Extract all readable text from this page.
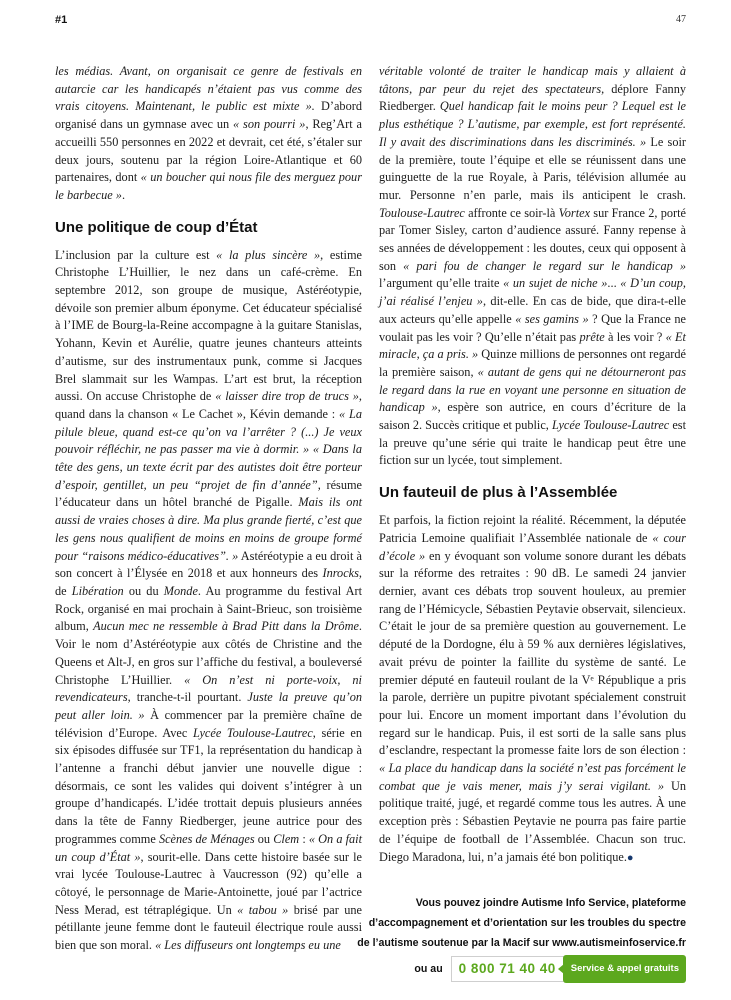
#1	47

les médias. Avant, on organisait ce genre de festivals en autarcie car les handicapés n’étaient pas vus comme des vrais citoyens. Maintenant, le public est mixte ». D’abord organisé dans un gymnase avec un « son pourri », Reg’Art a accueilli 550 personnes en 2022 et devrait, cet été, s’étaler sur deux jours, soutenu par la région Loire-Atlantique et 60 partenaires, dont « un boucher qui nous file des merguez pour le barbecue ».

Une politique de coup d’État

L’inclusion par la culture est « la plus sincère », estime Christophe L’Huillier, le nez dans un café-crème. En septembre 2012, son groupe de musique, Astéréotypie, dévoile son premier album éponyme. Cet éducateur spécialisé à l’IME de Bourg-la-Reine accompagne à la guitare Stanislas, Yohann, Kevin et Aurélie, quatre jeunes chanteurs atteints d’autisme, sur des instrumentaux punk, comme si Jacques Brel slammait sur les Wampas. L’art est brut, la réception aussi. On accuse Christophe de « laisser dire trop de trucs », quand dans la chanson « Le Cachet », Kévin demande : « La pilule bleue, quand est-ce qu’on va l’arrêter ? (...) Je veux pouvoir réfléchir, ne pas passer ma vie à dormir. » « Dans la tête des gens, un texte écrit par des autistes doit être porteur d’espoir, gentillet, un peu “projet de fin d’année”, résume l’éducateur dans un hôtel branché de Pigalle. Mais ils ont aussi de vraies choses à dire. Ma plus grande fierté, c’est que les gens nous qualifient de moins en moins de groupe formé pour “raisons médico-éducatives”. » Astéréotypie a eu droit à son concert à l’Élysée en 2018 et aux honneurs des Inrocks, de Libération ou du Monde. Au programme du festival Art Rock, organisé en mai prochain à Saint-Brieuc, son troisième album, Aucun mec ne ressemble à Brad Pitt dans la Drôme. Voir le nom d’Astéréotypie aux côtés de Christine and the Queens et Alt-J, en gros sur l’affiche du festival, a bouleversé Christophe L’Huillier. « On n’est ni porte-voix, ni revendicateurs, tranche-t-il pourtant. Juste la preuve qu’on peut aller loin. » À commencer par la première chaîne de télévision d’Europe. Avec Lycée Toulouse-Lautrec, série en six épisodes diffusée sur TF1, la représentation du handicap à l’antenne a franchi début janvier une nouvelle digue : désormais, ce sont les valides qui doivent s’intégrer à un groupe d’handicapés. L’idée trottait depuis plusieurs années dans la tête de Fanny Riedberger, jeune autrice pour des programmes comme Scènes de Ménages ou Clem : « On a fait un coup d’État », sourit-elle. Dans cette histoire basée sur le vrai lycée Toulouse-Lautrec à Vaucresson (92) qu’elle a côtoyé, le personnage de Marie-Antoinette, joué par l’actrice Ness Merad, est tétraplégique. Un « tabou » brisé par une pétillante jeune femme dont le fauteuil électrique roule aussi bien que son moral. « Les diffuseurs ont longtemps eu une

véritable volonté de traiter le handicap mais y allaient à tâtons, par peur du rejet des spectateurs, déplore Fanny Riedberger. Quel handicap fait le moins peur ? Lequel est le plus esthétique ? L’autisme, par exemple, est fort représenté. Il y avait des discriminations dans les discriminés. » Le soir de la première, toute l’équipe et elle se réunissent dans une guinguette de la rue Royale, à Paris, télévision allumée au mur. Personne n’en parle, mais ils anticipent le crash. Toulouse-Lautrec affronte ce soir-là Vortex sur France 2, porté par Tomer Sisley, carton d’audience assuré. Fanny repense à ses années de développement : les doutes, ceux qui opposent à son « pari fou de changer le regard sur le handicap » l’argument qu’elle traite « un sujet de niche »... « D’un coup, j’ai réalisé l’enjeu », dit-elle. En cas de bide, que dira-t-elle aux acteurs qu’elle appelle « ses gamins » ? Que la France ne voulait pas les voir ? Qu’elle n’était pas prête à les voir ? « Et miracle, ça a pris. » Quinze millions de personnes ont regardé la première saison, « autant de gens qui ne détourneront pas le regard dans la rue en voyant une personne en situation de handicap », espère son autrice, en cours d’écriture de la saison 2. Succès critique et public, Lycée Toulouse-Lautrec est la preuve qu’une série qui traite le handicap peut être une fiction sur un lycée, tout simplement.

Un fauteuil de plus à l’Assemblée

Et parfois, la fiction rejoint la réalité. Récemment, la députée Patricia Lemoine qualifiait l’Assemblée nationale de « cour d’école » en y évoquant son volume sonore durant les débats sur la réforme des retraites : 90 dB. Le samedi 24 janvier dernier, avant ces débats trop souvent houleux, au premier rang de l’Hémicycle, Sébastien Peytavie observait, silencieux. C’était le jour de sa première question au gouvernement. Le député de la Dordogne, élu à 59 % aux dernières législatives, avait prévu de pointer la faillite du système de santé. Le premier député en fauteuil roulant de la Vᵉ République a pris la parole, derrière un pupitre pivotant spécialement construit pour lui. Encore un moment important dans l’évolution du regard sur le handicap. Puis, il est sorti de la salle sans plus d’esclandre, respectant la promesse faite lors de son élection : « La place du handicap dans la société n’est pas forcément le combat que je vais mener, mais j’y serai vigilant. » Un politique traité, jugé, et regardé comme tous les autres. À une exception près : Sébastien Peytavie ne pourra pas faire partie de l’équipe de football de l’Assemblée. Chacun son truc. Diego Maradona, lui, n’a jamais été bon politique.●

Vous pouvez joindre Autisme Info Service, plateforme
d’accompagnement et d’orientation sur les troubles du spectre
de l’autisme soutenue par la Macif sur www.autismeinfoservice.fr
ou au	0 800 71 40 40	Service & appel gratuits
